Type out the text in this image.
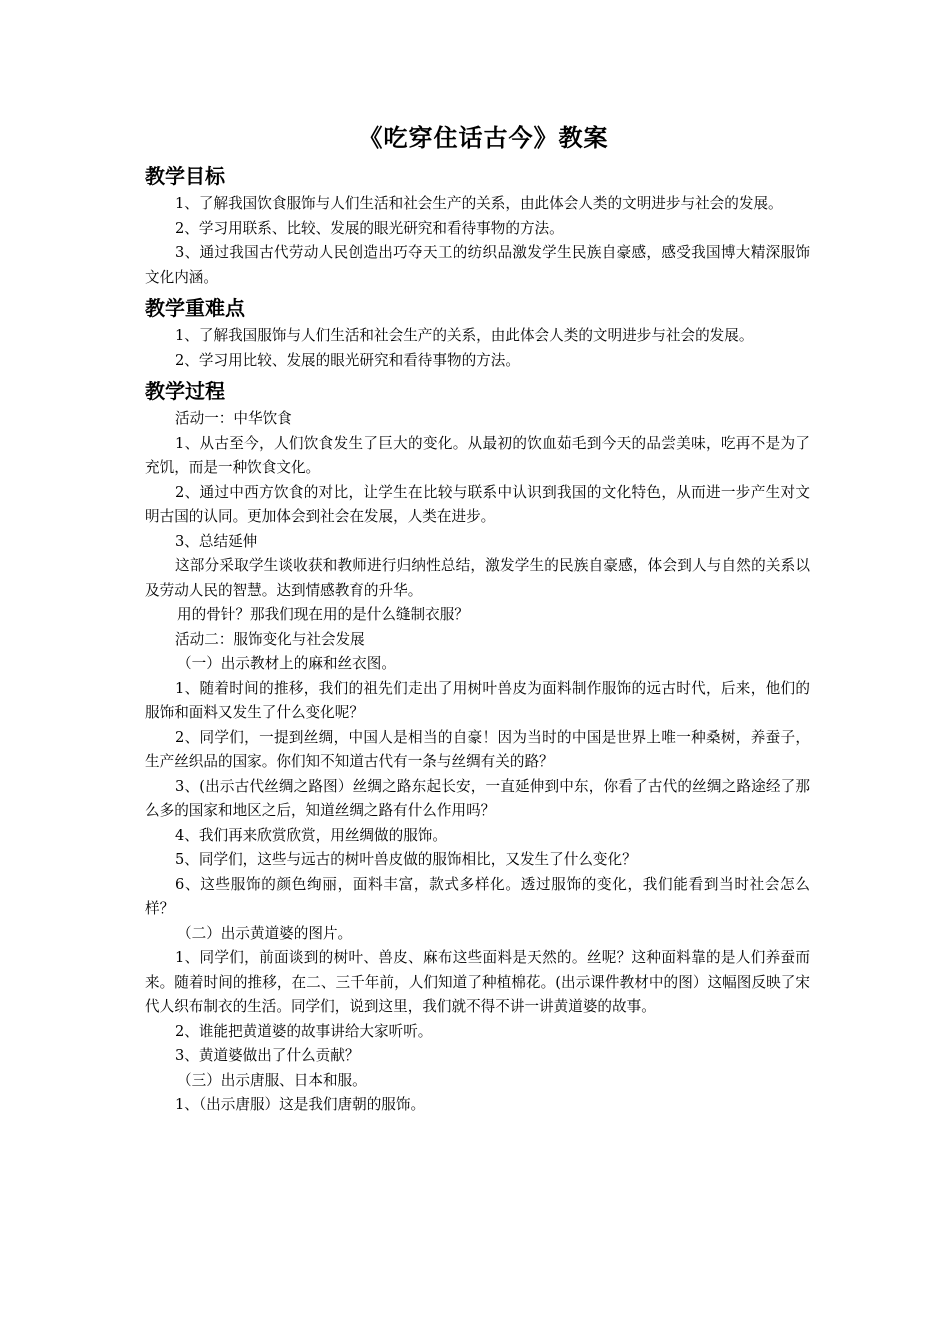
《吃穿住话古今》教案
教学目标

1、了解我国饮食服饰与人们生活和社会生产的关系，由此体会人类的文明进步与社会的发展。

2、学习用联系、比较、发展的眼光研究和看待事物的方法。

3、通过我国古代劳动人民创造出巧夺天工的纺织品激发学生民族自豪感，感受我国博大精深服饰文化内涵。

教学重难点

1、了解我国服饰与人们生活和社会生产的关系，由此体会人类的文明进步与社会的发展。

2、学习用比较、发展的眼光研究和看待事物的方法。

教学过程

活动一：中华饮食

1、从古至今，人们饮食发生了巨大的变化。从最初的饮血茹毛到今天的品尝美味，吃再不是为了充饥，而是一种饮食文化。

2、通过中西方饮食的对比，让学生在比较与联系中认识到我国的文化特色，从而进一步产生对文明古国的认同。更加体会到社会在发展，人类在进步。

3、总结延伸

这部分采取学生谈收获和教师进行归纳性总结，激发学生的民族自豪感，体会到人与自然的关系以及劳动人民的智慧。达到情感教育的升华。

用的骨针？那我们现在用的是什么缝制衣服？

活动二：服饰变化与社会发展

（一）出示教材上的麻和丝衣图。

1、随着时间的推移，我们的祖先们走出了用树叶兽皮为面料制作服饰的远古时代，后来，他们的服饰和面料又发生了什么变化呢？

2、同学们，一提到丝绸，中国人是相当的自豪！因为当时的中国是世界上唯一种桑树，养蚕子，生产丝织品的国家。你们知不知道古代有一条与丝绸有关的路？

3、(出示古代丝绸之路图）丝绸之路东起长安，一直延伸到中东，你看了古代的丝绸之路途经了那么多的国家和地区之后，知道丝绸之路有什么作用吗？

4、我们再来欣赏欣赏，用丝绸做的服饰。

5、同学们，这些与远古的树叶兽皮做的服饰相比，又发生了什么变化？

6、这些服饰的颜色绚丽，面料丰富，款式多样化。透过服饰的变化，我们能看到当时社会怎么样？

（二）出示黄道婆的图片。

1、同学们，前面谈到的树叶、兽皮、麻布这些面料是天然的。丝呢？这种面料靠的是人们养蚕而来。随着时间的推移，在二、三千年前，人们知道了种植棉花。(出示课件教材中的图）这幅图反映了宋代人织布制衣的生活。同学们，说到这里，我们就不得不讲一讲黄道婆的故事。

2、谁能把黄道婆的故事讲给大家听听。

3、黄道婆做出了什么贡献？

（三）出示唐服、日本和服。

1、（出示唐服）这是我们唐朝的服饰。
